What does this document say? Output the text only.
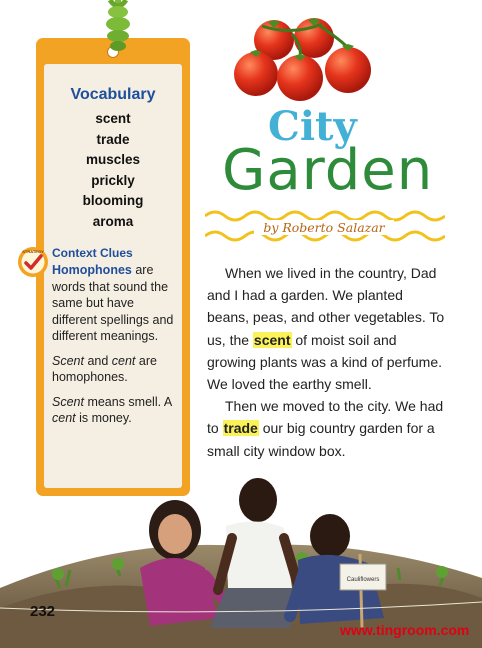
Vocabulary
scent
trade
muscles
prickly
blooming
aroma
STRATEGY Context Clues

Homophones are words that sound the same but have different spellings and different meanings.

Scent and cent are homophones.

Scent means smell. A cent is money.

City
Garden
by Roberto Salazar

When we lived in the country, Dad and I had a garden. We planted beans, peas, and other vegetables. To us, the scent of moist soil and growing plants was a kind of perfume. We loved the earthy smell.

Then we moved to the city. We had to trade our big country garden for a small city window box.

Cauliflowers
232
www.tingroom.com
